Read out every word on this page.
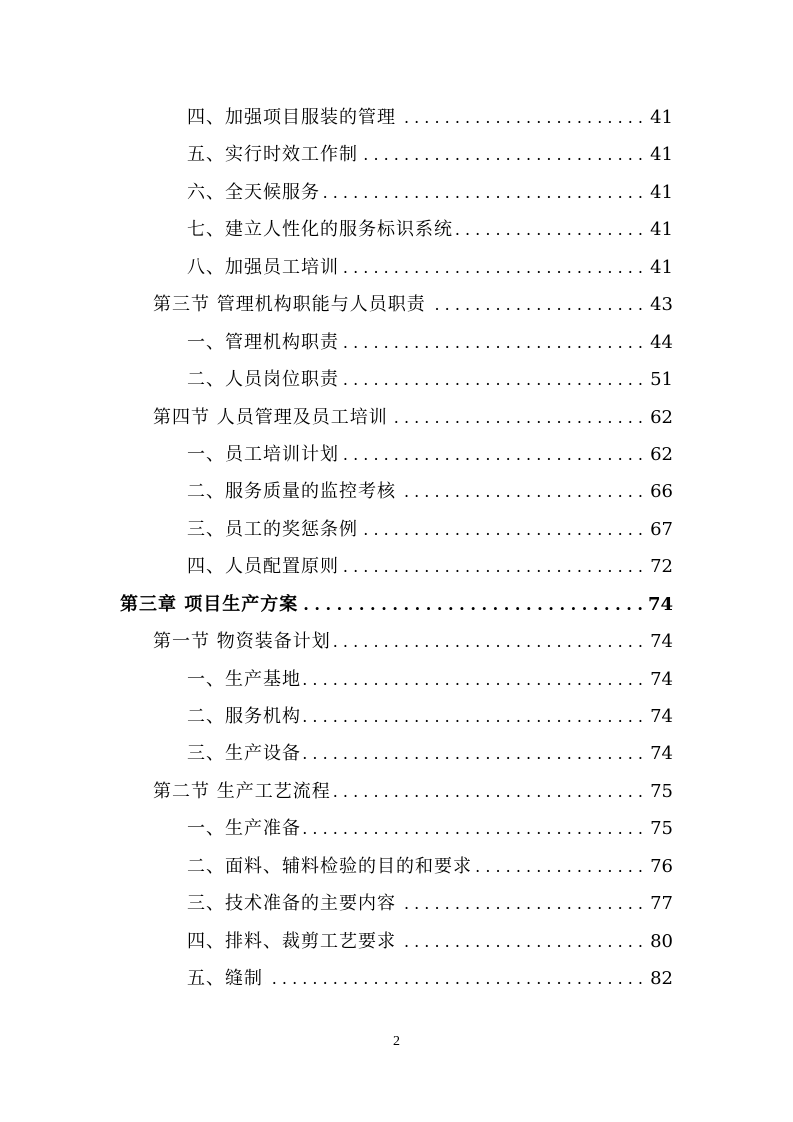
四、加强项目服装的管理 . . .	41
五、实行时效工作制 . . .	41
六、全天候服务 . . .	41
七、建立人性化的服务标识系统 . . .	41
八、加强员工培训 . . .	41
第三节 管理机构职能与人员职责 . . .	43
一、管理机构职责 . . .	44
二、人员岗位职责 . . .	51
第四节 人员管理及员工培训 . . .	62
一、员工培训计划 . . .	62
二、服务质量的监控考核 . . .	66
三、员工的奖惩条例 . . .	67
四、人员配置原则 . . .	72
第三章 项目生产方案 . . .	74
第一节 物资装备计划 . . .	74
一、生产基地 . . .	74
二、服务机构 . . .	74
三、生产设备 . . .	74
第二节 生产工艺流程 . . .	75
一、生产准备 . . .	75
二、面料、辅料检验的目的和要求 . . .	76
三、技术准备的主要内容 . . .	77
四、排料、裁剪工艺要求 . . .	80
五、缝制 . . .	82
2
